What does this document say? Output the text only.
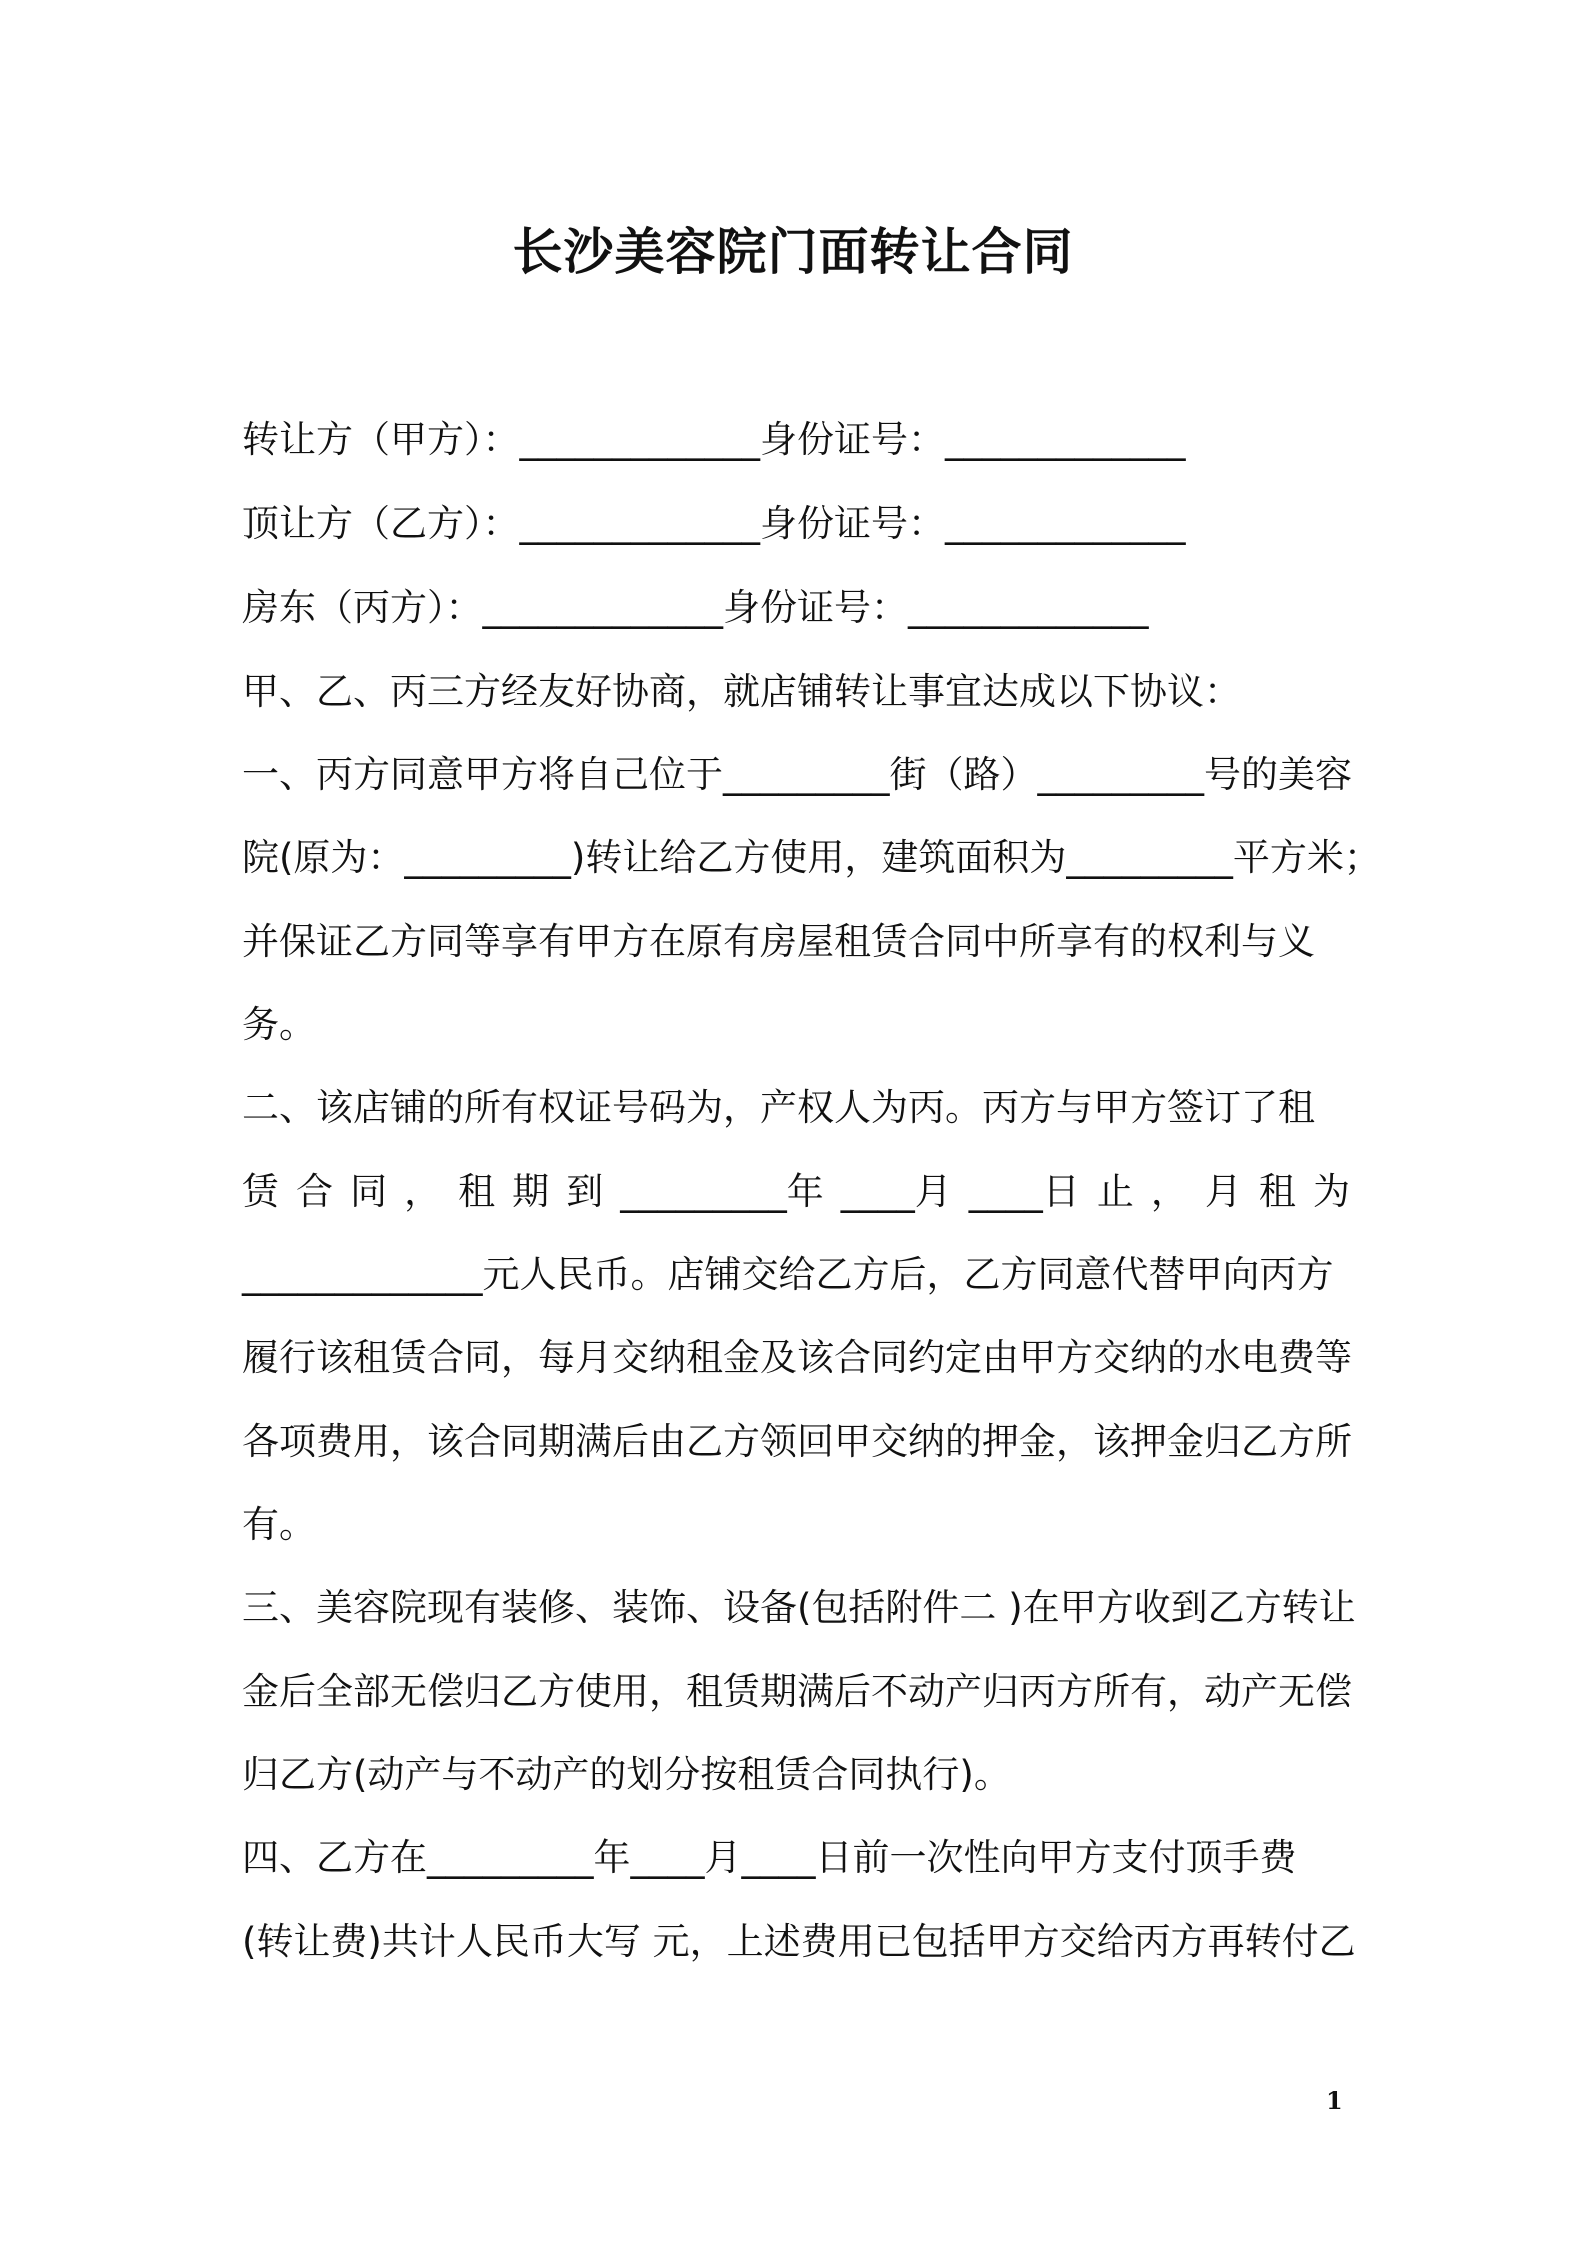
长沙美容院门面转让合同
转让方（甲方）：_____________身份证号：_____________
顶让方（乙方）：_____________身份证号：_____________
房东（丙方）：_____________身份证号：_____________
甲、乙、丙三方经友好协商，就店铺转让事宜达成以下协议：
一、丙方同意甲方将自己位于_________街（路）_________号的美容
院(原为：_________)转让给乙方使用，建筑面积为_________平方米；
并保证乙方同等享有甲方在原有房屋租赁合同中所享有的权利与义
务。
二、该店铺的所有权证号码为，产权人为丙。丙方与甲方签订了租
赁 合 同 ， 租 期 到 _________年 ____月 ____日 止 ， 月 租 为
_____________元人民币。店铺交给乙方后，乙方同意代替甲向丙方
履行该租赁合同，每月交纳租金及该合同约定由甲方交纳的水电费等
各项费用，该合同期满后由乙方领回甲交纳的押金，该押金归乙方所
有。
三、美容院现有装修、装饰、设备(包括附件二 )在甲方收到乙方转让
金后全部无偿归乙方使用，租赁期满后不动产归丙方所有，动产无偿
归乙方(动产与不动产的划分按租赁合同执行)。
四、乙方在_________年____月____日前一次性向甲方支付顶手费
(转让费)共计人民币大写 元，上述费用已包括甲方交给丙方再转付乙
1
